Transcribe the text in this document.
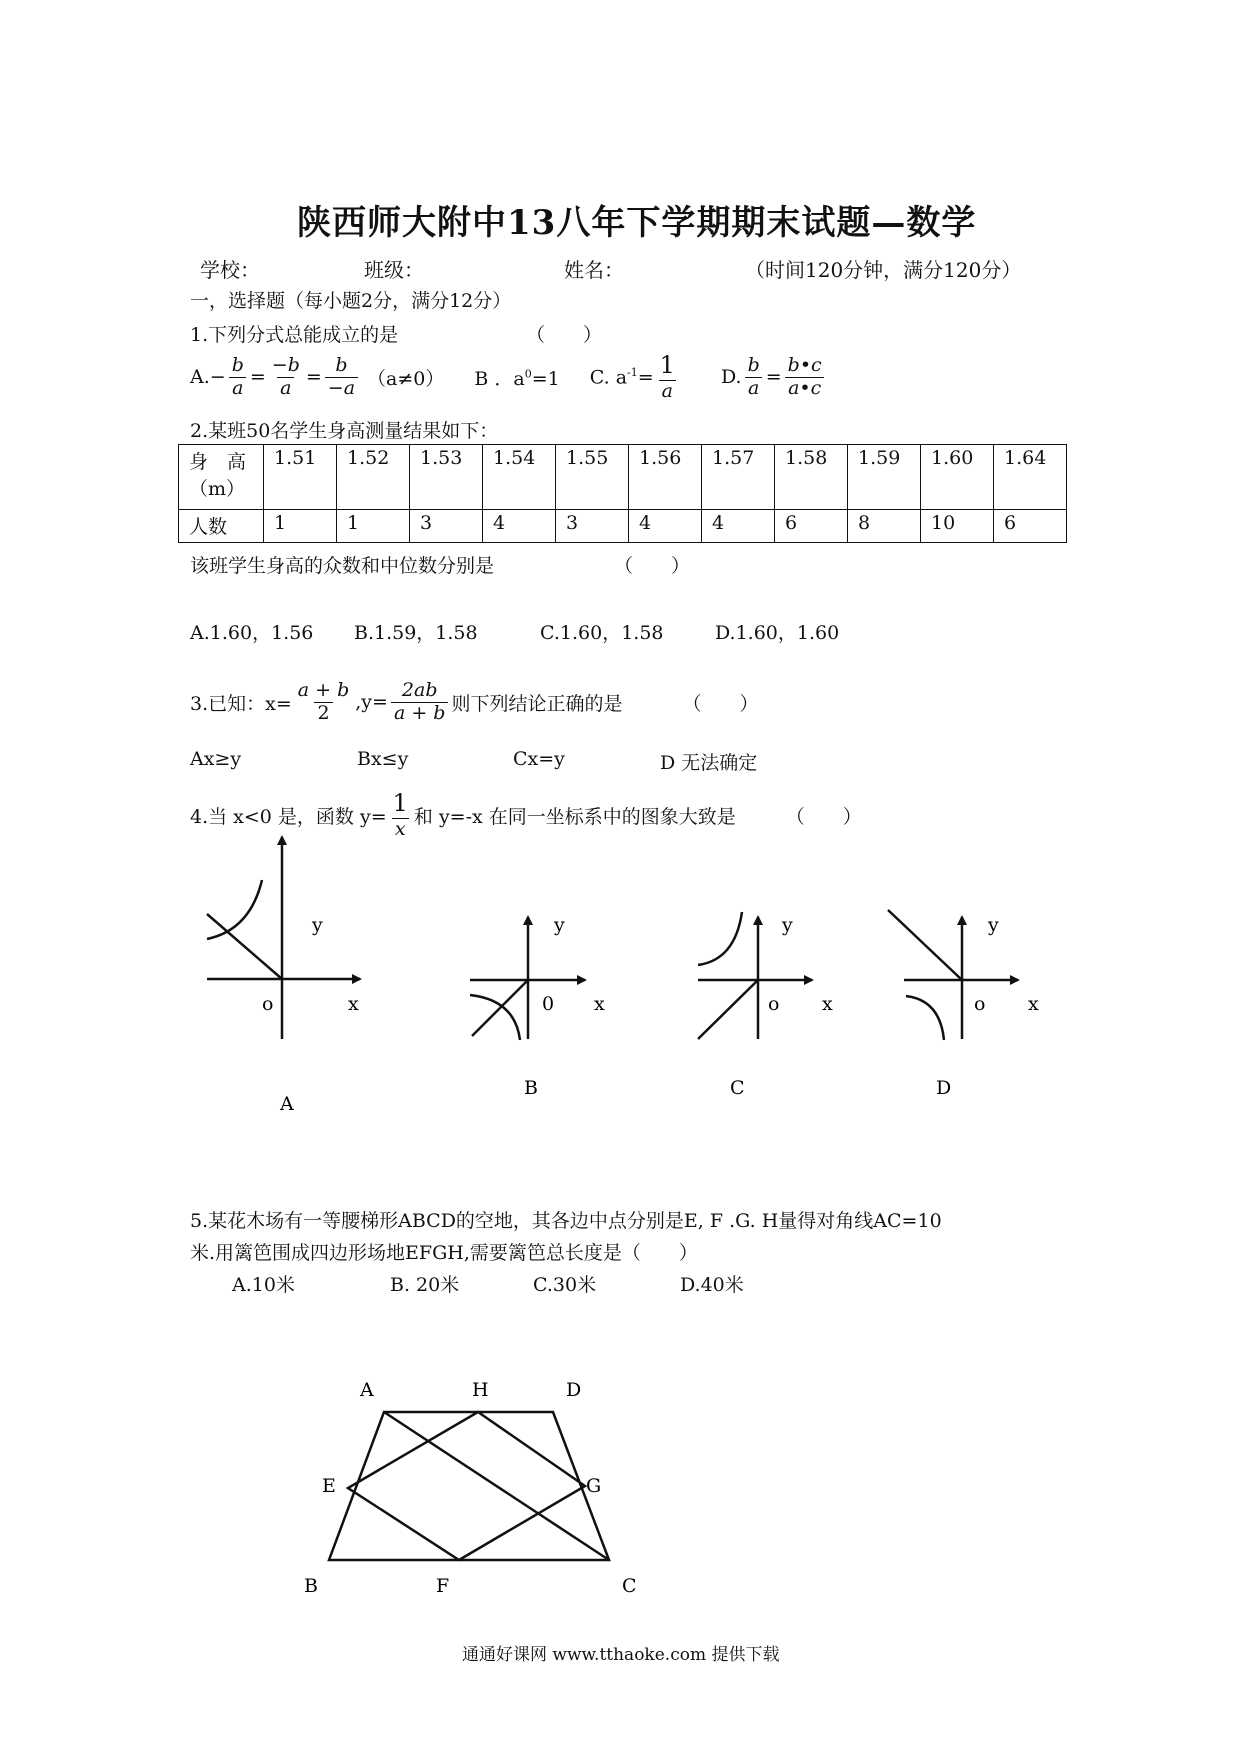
陕西师大附中13八年下学期期末试题—数学
学校：	班级：	姓名：	（时间120分钟，满分120分）
一，选择题（每小题2分，满分12分）
1.下列分式总能成立的是	（　　）
$A.- \frac{b}{a} = \frac{-b}{a} = \frac{b}{-a} (a\ne 0)$ B ．$a^0=1$ C. $a^{-1}= \frac{1}{a} D$. $\frac{b}{a} = \frac{b•c}{a•c}$
2.某班50名学生身高测量结果如下：
身　高（m）	1.51	1.52	1.53	1.54	1.55	1.56	1.57	1.58	1.59	1.60	1.64
人数	1	1	3	4	3	4	4	6	8	10	6
该班学生身高的众数和中位数分别是	（　　）
A.1.60，1.56 B.1.59，1.58	C.1.60，1.58	D.1.60，1.60
3.已知：$x= \frac{a + b}{2} ,y= \frac{2ab}{a + b}$ 则下列结论正确的是	（　　）
Ax≥y	Bx≤y	Cx=y	D 无法确定
4.当 x<0 是，函数 $y= \frac{1}{x}$ 和 y=-x 在同一坐标系中的图象大致是	（　　）
y
x
o
A
y
x
0
B
y
x
o
C
y
x
o
D
A	H	D
E	G
B	F	C
5.某花木场有一等腰梯形ABCD的空地，其各边中点分别是E, F .G. H量得对角线AC=10
米.用篱笆围成四边形场地EFGH,需要篱笆总长度是（　　）
A.10米	B. 20米	C.30米	D.40米
通通好课网 www.tthaoke.com 提供下载
